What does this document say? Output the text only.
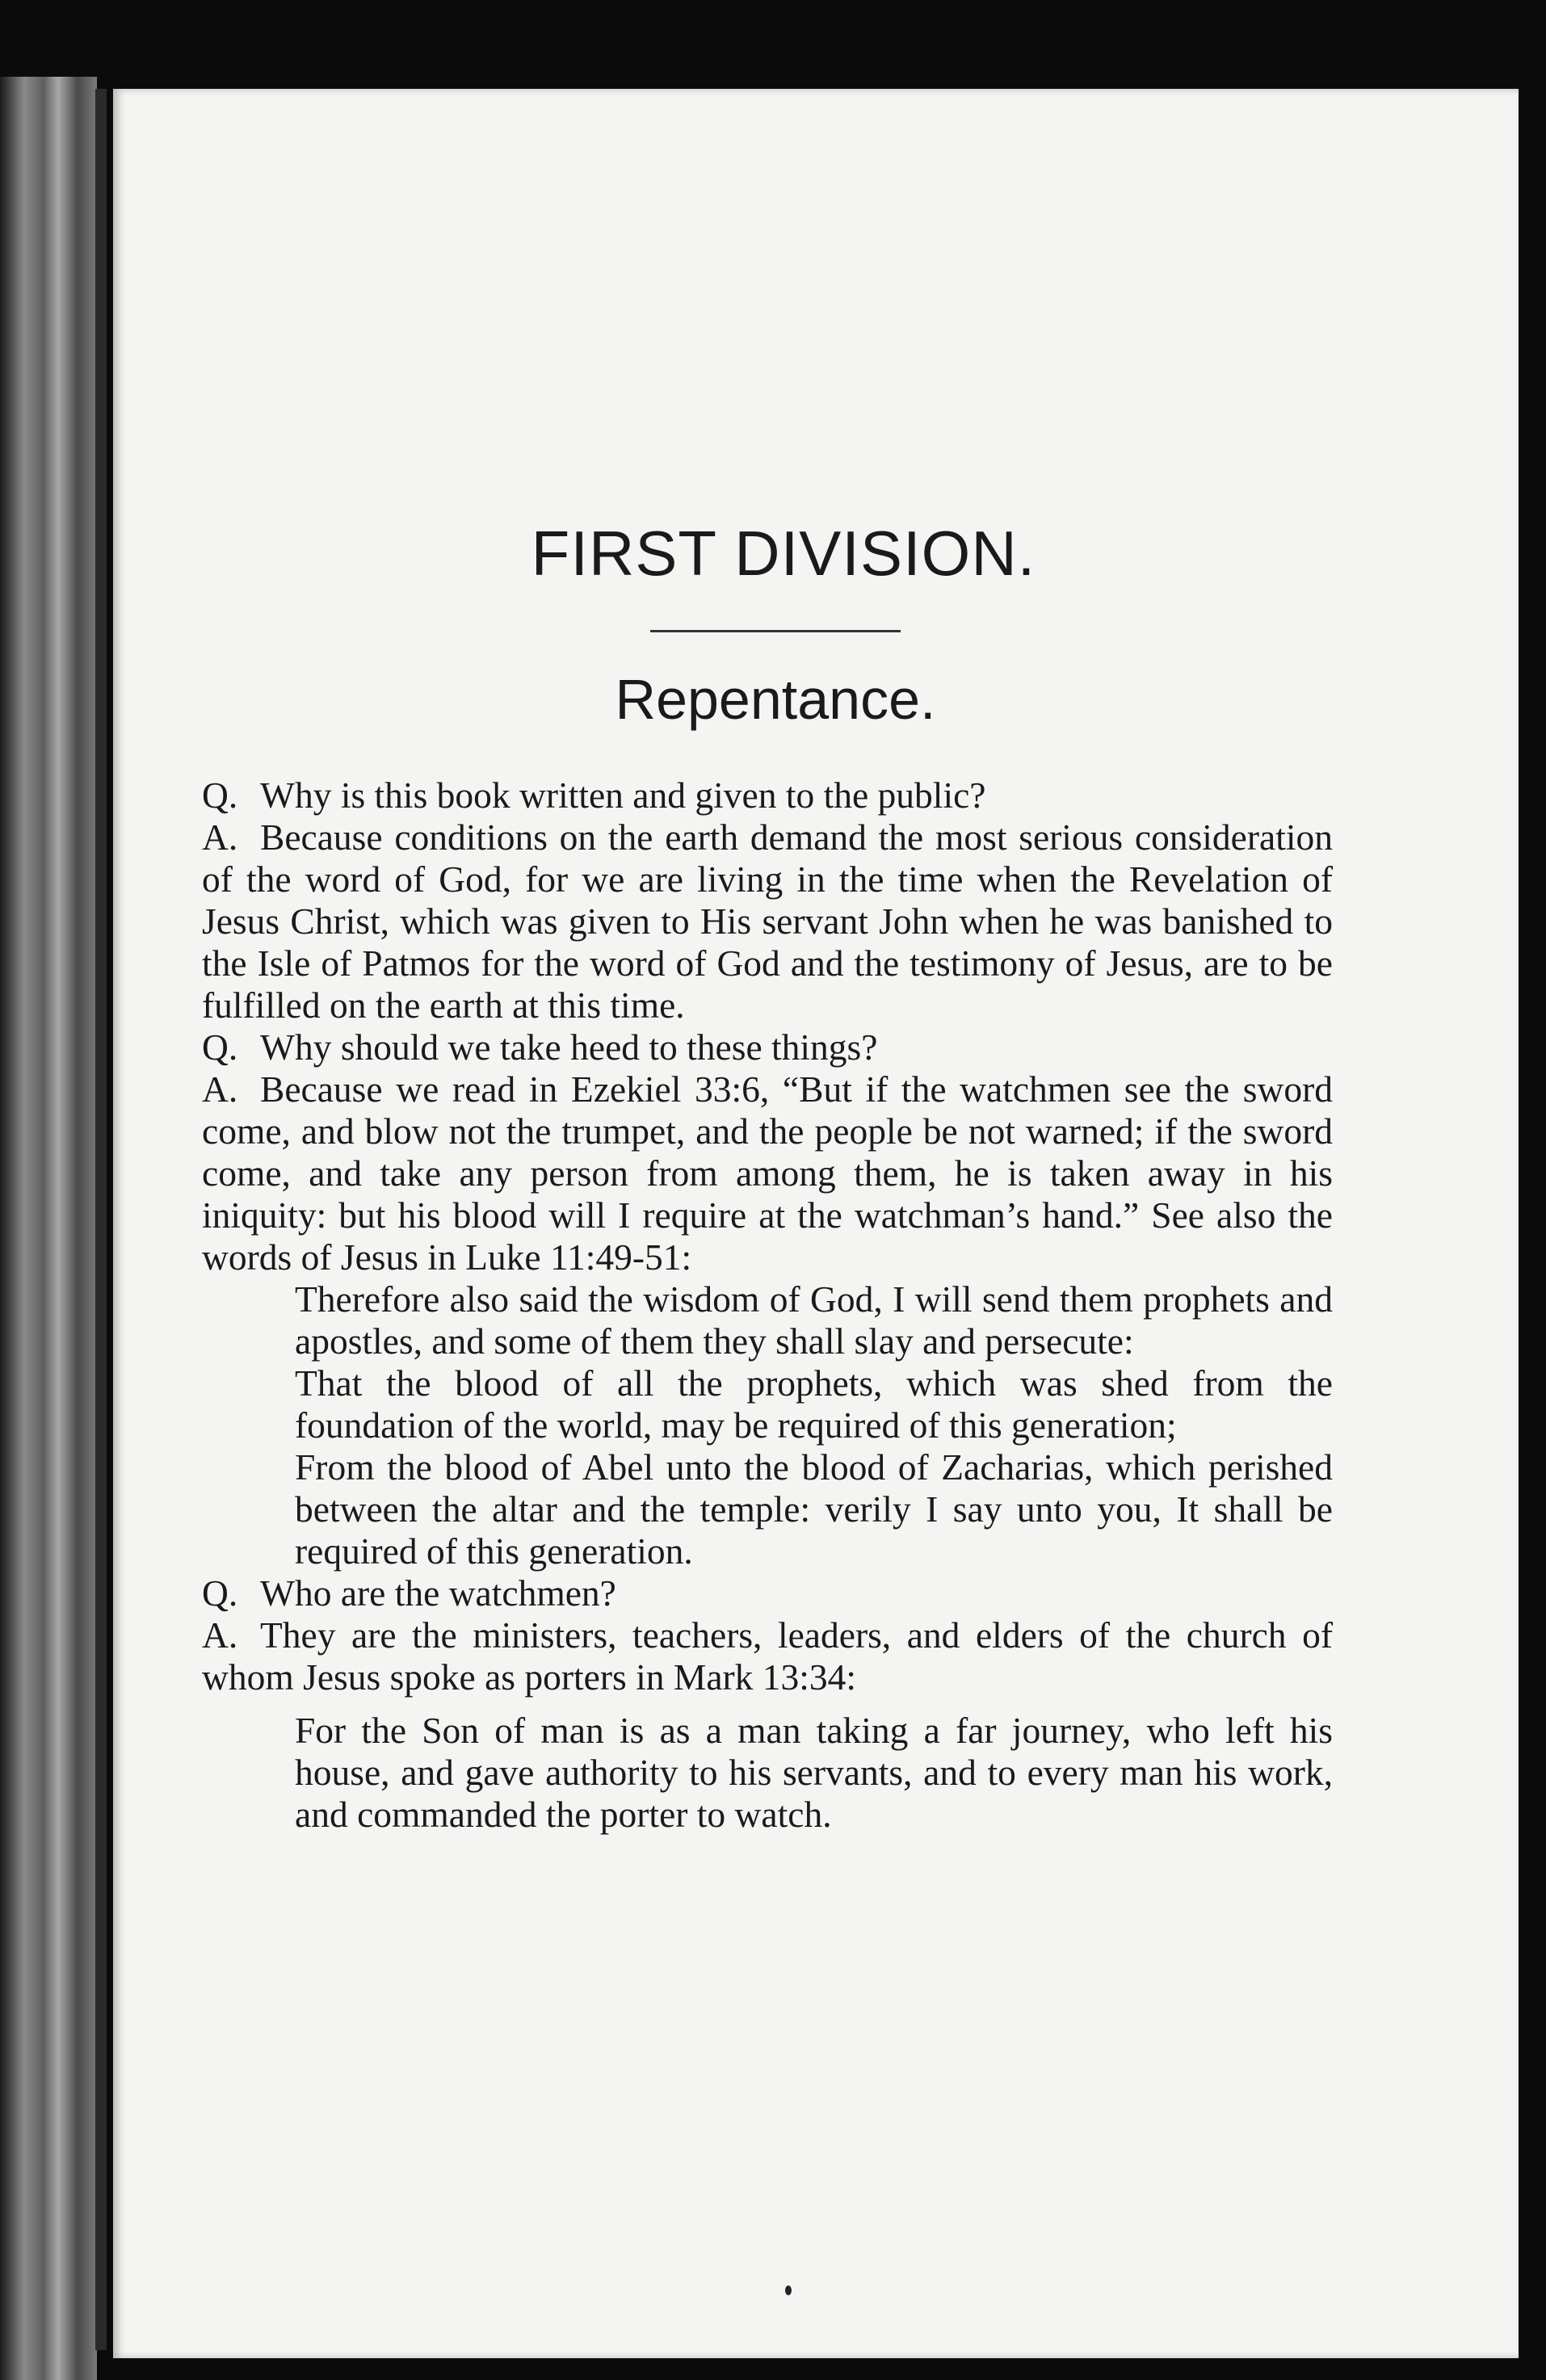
FIRST DIVISION.
Repentance.

Q. Why is this book written and given to the public?

A. Because conditions on the earth demand the most serious consideration of the word of God, for we are living in the time when the Revelation of Jesus Christ, which was given to His servant John when he was banished to the Isle of Patmos for the word of God and the testimony of Jesus, are to be fulfilled on the earth at this time.

Q. Why should we take heed to these things?

A. Because we read in Ezekiel 33:6, “But if the watchmen see the sword come, and blow not the trumpet, and the people be not warned; if the sword come, and take any person from among them, he is taken away in his iniquity: but his blood will I require at the watchman’s hand.” See also the words of Jesus in Luke 11:49-51:

Therefore also said the wisdom of God, I will send them prophets and apostles, and some of them they shall slay and persecute:

That the blood of all the prophets, which was shed from the foundation of the world, may be required of this generation;

From the blood of Abel unto the blood of Zacharias, which perished between the altar and the temple: verily I say unto you, It shall be required of this generation.

Q. Who are the watchmen?

A. They are the ministers, teachers, leaders, and elders of the church of whom Jesus spoke as porters in Mark 13:34:

For the Son of man is as a man taking a far journey, who left his house, and gave authority to his servants, and to every man his work, and commanded the porter to watch.
